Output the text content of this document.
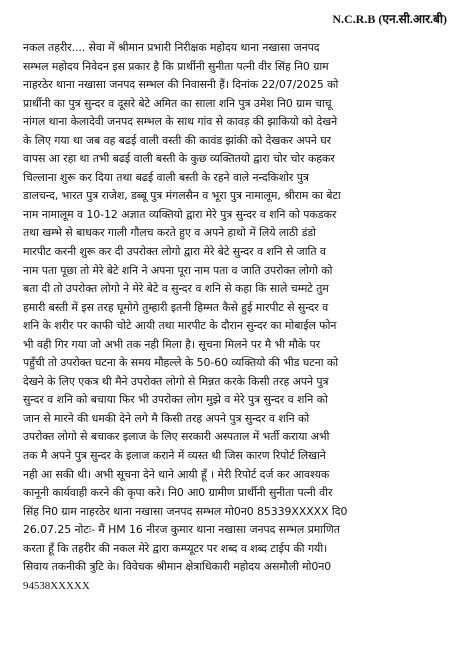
N.C.R.B (एन.सी.आर.बी)
नकल तहरीर.... सेवा में श्रीमान प्रभारी निरीक्षक महोदय थाना नखासा जनपद
सम्भल महोदय निवेदन इस प्रकार है कि प्रार्थीनी सुनीता पत्नी वीर सिंह नि0 ग्राम
नाहरठेर थाना नखासा जनपद सम्भल की निवासनी हैं। दिनांक 22/07/2025 को
प्रार्थीनी का पुत्र सुन्दर व दूसरे बेटे अमित का साला शनि पुत्र उमेश नि0 ग्राम चाचू
नांगल थाना केलादेवी जनपद सम्भल के साथ गांव से कावड़ की झाकियो को देखने
के लिए गया था जब वह बढई वाली वस्ती की कावंड झांकी को देखकर अपने घर
वापस आ रहा था तभी बढई वाली बस्ती के कुछ व्यक्तितयो द्वारा चोर चोर कहकर
चिल्लाना शुरू कर दिया तथा बढई वाली बस्ती के रहने वाले नन्दकिशोर पुत्र
डालचन्द, भारत पुत्र राजेश, डब्बू पुत्र मंगलसैन व भूरा पुत्र नामालूम, श्रीराम का बेटा
नाम नामालूम व 10-12 अज्ञात व्यक्तियो द्वारा मेरे पुत्र सुन्दर व शनि को पकडकर
तथा खम्भे से बाधकर गाली गौलच करते हुए व अपने हाथो में लिये लाठी डंडो
मारपीट करनी शुरू कर दी उपरोक्त लोगो द्वारा मेरे बेटे सुन्दर व शनि से जाति व
नाम पता पूछा तो मेरे बेटे शनि ने अपना पूरा नाम पता व जाति उपरोक्त लोगो को
बता दी तो उपरोक्त लोगो ने मेरे बेटे व सुन्दर व शनि से कहा कि साले चम्मटे तुम
हमारी बस्ती में इस तरह घूमोगे तुम्हारी इतनी हिम्मत कैसे हुई मारपीट से सुन्दर व
शनि के शरीर पर काफी चोटे आयी तथा मारपीट के दौरान सुन्दर का मोबाईल फोन
भी वही गिर गया जो अभी तक नही मिला है। सूचना मिलने पर मै भी मौके पर
पहुँची तो उपरोक्त घटना के समय मौहल्ले के 50-60 व्यक्तियो की भीड घटना को
देखने के लिए एकत्र थी मैने उपरोक्त लोगो से मिन्नत करके किसी तरह अपने पुत्र
सुन्दर व शनि को बचाया फिर भी उपरोक्त लोग मुझे व मेरे पुत्र सुन्दर व शनि को
जान से मारने की धमकी देने लगे मै किसी तरह अपने पुत्र सुन्दर व शनि को
उपरोक्त लोगो से बचाकर इलाज के लिए सरकारी अस्पताल में भर्ती कराया अभी
तक मै अपने पुत्र सुन्दर के इलाज कराने में व्यस्त थी जिस कारण रिपोर्ट लिखाने
नही आ सकी थी। अभी सूचना देने थाने आयी हूँ । मेरी रिपोर्ट दर्ज कर आवश्यक
कानूनी कार्यवाही करने की कृपा करे। नि0 आ0 ग्रामीण प्रार्थीनी सुनीता पत्नी वीर
सिंह नि0 ग्राम नाहरठेर थाना नखासा जनपद सम्भल मो0न0 85339XXXXX दि0
26.07.25 नोटः- मैं HM 16 नीरज कुमार थाना नखासा जनपद सम्भल प्रमाणित
करता हूँ कि तहरीर की नकल मेरे द्वारा कम्प्यूटर पर शब्द व शब्द टाईप की गयी।
सिवाय तकनीकी त्रुटि के। विवेचक श्रीमान क्षेत्राधिकारी महोदय असमौली मो0न0
94538XXXXX
